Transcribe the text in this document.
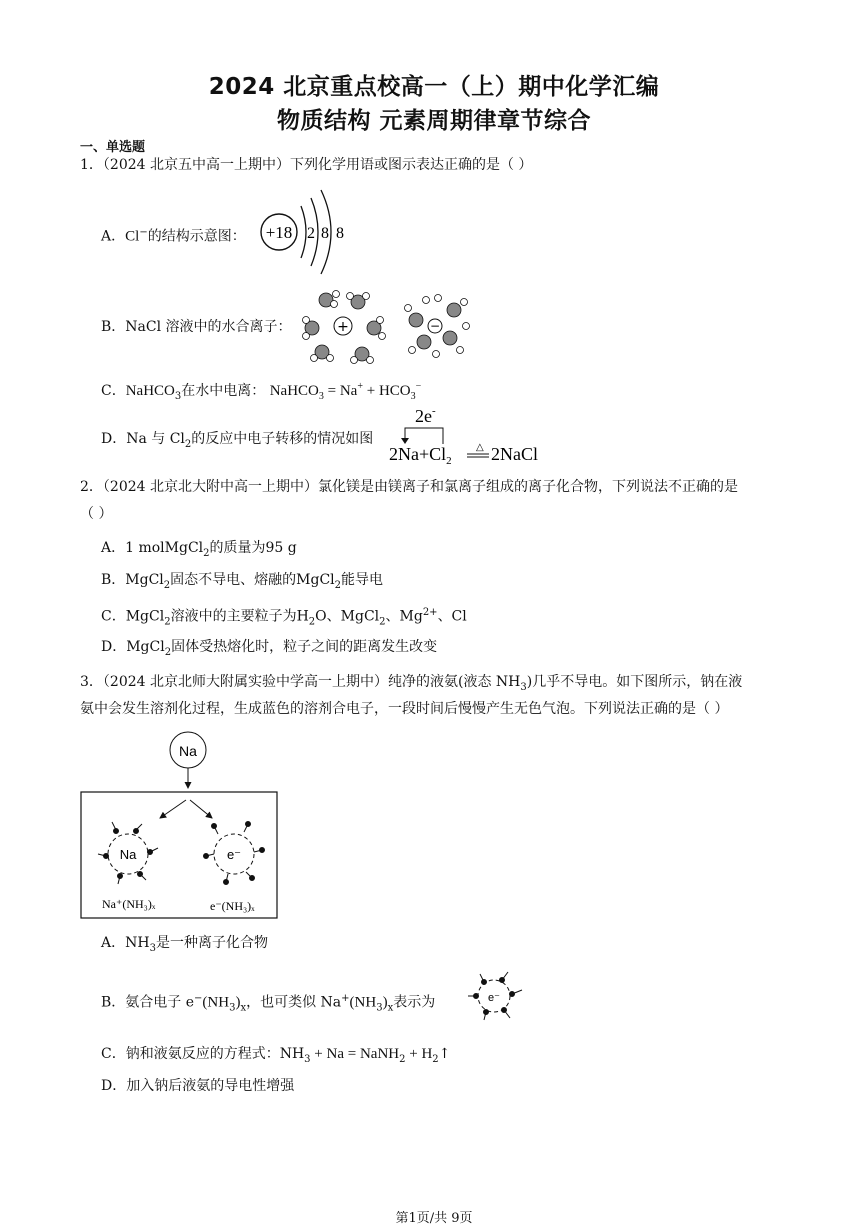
2024 北京重点校高一（上）期中化学汇编
物质结构 元素周期律章节综合
一、单选题
1．（2024 北京五中高一上期中）下列化学用语或图示表达正确的是（ ）
A．Cl−的结构示意图： +18 2 8 8
B．NaCl 溶液中的水合离子：	+	−
C．NaHCO$_3$在水中电离： NaHCO$_3$ = $Na^+ + HCO_3^-$
D．Na 与 $Cl_2$的反应中电子转移的情况如图
2e-
$2Na+Cl_2$
△ 2NaCl
2．（2024 北京北大附中高一上期中）氯化镁是由镁离子和氯离子组成的离子化合物，下列说法不正确的是
（ ）
A．1 molMgCl$_2$的质量为95 g
B．MgCl$_2$固态不导电、熔融的MgCl$_2$能导电
C．MgCl$_2$溶液中的主要粒子为$H_2O$、MgCl$_2$、$Mg^{2+}$、Cl
D．MgCl$_2$固体受热熔化时，粒子之间的距离发生改变
3．（2024 北京北师大附属实验中学高一上期中）纯净的液氨(液态 $NH_3$)几乎不导电。如下图所示，钠在液
氨中会发生溶剂化过程，生成蓝色的溶剂合电子，一段时间后慢慢产生无色气泡。下列说法正确的是（ ）
Na
Na	e⁻
Na⁺(NH₃)ₓ	e⁻(NH₃)ₓ
A．$NH_3$是一种离子化合物
B．氨合电子 $e^-(NH_3)_x$，也可类似 $Na^+(NH_3)_x$表示为	e⁻
C．钠和液氨反应的方程式：$NH_3 + Na$ = NaNH$_2$ + $H_2↑$
D．加入钠后液氨的导电性增强
第1页/共 9页
